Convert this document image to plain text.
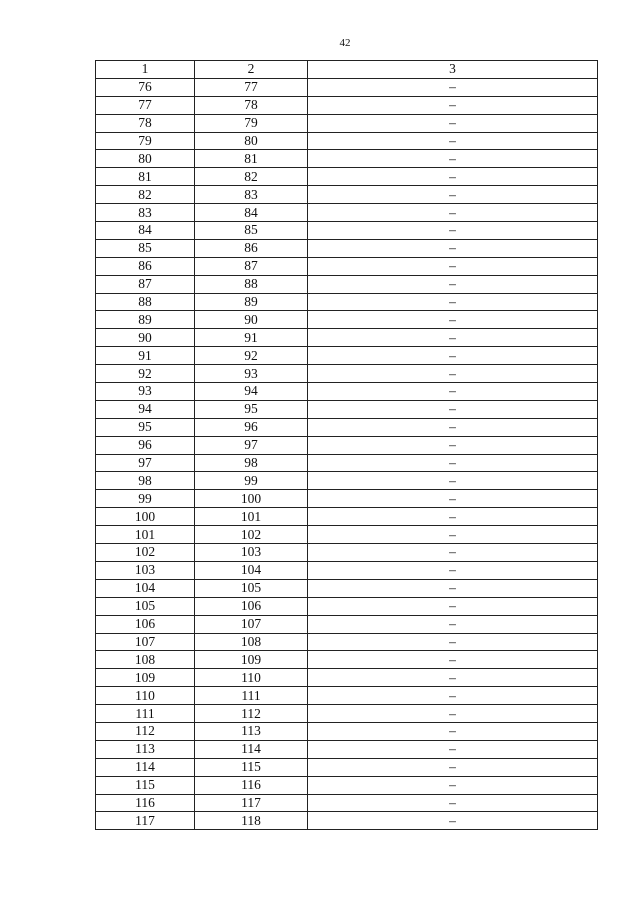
42
1	2	3
76	77	–
77	78	–
78	79	–
79	80	–
80	81	–
81	82	–
82	83	–
83	84	–
84	85	–
85	86	–
86	87	–
87	88	–
88	89	–
89	90	–
90	91	–
91	92	–
92	93	–
93	94	–
94	95	–
95	96	–
96	97	–
97	98	–
98	99	–
99	100	–
100	101	–
101	102	–
102	103	–
103	104	–
104	105	–
105	106	–
106	107	–
107	108	–
108	109	–
109	110	–
110	111	–
111	112	–
112	113	–
113	114	–
114	115	–
115	116	–
116	117	–
117	118	–
